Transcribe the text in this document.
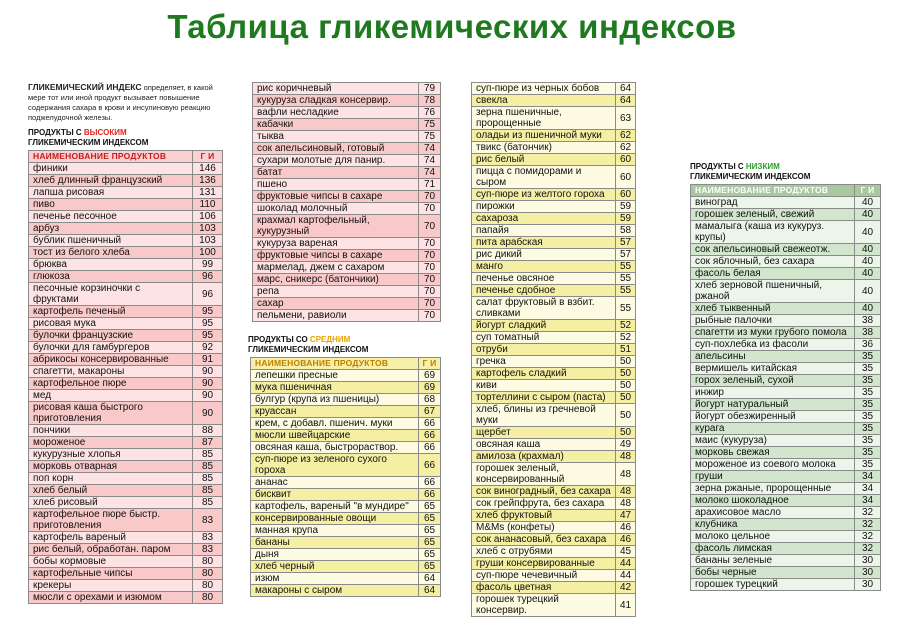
Таблица гликемических индексов
ГЛИКЕМИЧЕСКИЙ ИНДЕКС определяет, в какой мере тот или иной продукт вызывает повышение содержания сахара в крови и инсулиновую реакцию поджелудочной железы.
ПРОДУКТЫ С ВЫСОКИМ
ГЛИКЕМИЧЕСКИМ ИНДЕКСОМ
ПРОДУКТЫ СО СРЕДНИМ
ГЛИКЕМИЧЕСКИМ ИНДЕКСОМ
ПРОДУКТЫ С НИЗКИМ
ГЛИКЕМИЧЕСКИМ ИНДЕКСОМ
НАИМЕНОВАНИЕ ПРОДУКТОВ	Г И
финики	146
хлеб длинный французский	136
лапша рисовая	131
пиво	110
печенье песочное	106
арбуз	103
бублик пшеничный	103
тост из белого хлеба	100
брюква	99
глюкоза	96
песочные корзиночки с фруктами	96
картофель печеный	95
рисовая мука	95
булочки французские	95
булочки для гамбургеров	92
абрикосы консервированные	91
спагетти, макароны	90
картофельное пюре	90
мед	90
рисовая каша быстрого приготовления	90
пончики	88
мороженое	87
кукурузные хлопья	85
морковь отварная	85
поп корн	85
хлеб белый	85
хлеб рисовый	85
картофельное пюре быстр. приготовления	83
картофель вареный	83
рис белый, обработан. паром	83
бобы кормовые	80
картофельные чипсы	80
крекеры	80
мюсли с орехами и изюмом	80
рис коричневый	79
кукуруза сладкая консервир.	78
вафли несладкие	76
кабачки	75
тыква	75
сок апельсиновый, готовый	74
сухари молотые для панир.	74
батат	74
пшено	71
фруктовые чипсы в сахаре	70
шоколад молочный	70
крахмал картофельный, кукурузный	70
кукуруза вареная	70
фруктовые чипсы в сахаре	70
мармелад, джем с сахаром	70
марс, сникерс (батончики)	70
репа	70
сахар	70
пельмени, равиоли	70
НАИМЕНОВАНИЕ ПРОДУКТОВ	Г И
лепешки пресные	69
мука пшеничная	69
булгур (крупа из пшеницы)	68
круассан	67
крем, с добавл. пшенич. муки	66
мюсли швейцарские	66
овсяная каша, быстрораствор.	66
суп-пюре из зеленого сухого гороха	66
ананас	66
бисквит	66
картофель, вареный "в мундире"	65
консервированные овощи	65
манная крупа	65
бананы	65
дыня	65
хлеб черный	65
изюм	64
макароны с сыром	64
суп-пюре из черных бобов	64
свекла	64
зерна пшеничные, пророщенные	63
оладьи из пшеничной муки	62
твикс (батончик)	62
рис белый	60
пицца с помидорами и сыром	60
суп-пюре из желтого гороха	60
пирожки	59
сахароза	59
папайя	58
пита арабская	57
рис дикий	57
манго	55
печенье овсяное	55
печенье сдобное	55
салат фруктовый в взбит. сливками	55
йогурт сладкий	52
суп томатный	52
отруби	51
гречка	50
картофель сладкий	50
киви	50
тортеллини с сыром (паста)	50
хлеб, блины из гречневой муки	50
щербет	50
овсяная каша	49
амилоза (крахмал)	48
горошек зеленый, консервированный	48
сок виноградный, без сахара	48
сок грейпфрута, без сахара	48
хлеб фруктовый	47
M&Ms (конфеты)	46
сок ананасовый, без сахара	46
хлеб с отрубями	45
груши консервированные	44
суп-пюре чечевичный	44
фасоль цветная	42
горошек турецкий консервир.	41
НАИМЕНОВАНИЕ ПРОДУКТОВ	Г И
виноград	40
горошек зеленый, свежий	40
мамалыга (каша из кукуруз. крупы)	40
сок апельсиновый свежеотж.	40
сок яблочный, без сахара	40
фасоль белая	40
хлеб зерновой пшеничный, ржаной	40
хлеб тыквенный	40
рыбные палочки	38
спагетти из муки грубого помола	38
суп-похлебка из фасоли	36
апельсины	35
вермишель китайская	35
горох зеленый, сухой	35
инжир	35
йогурт натуральный	35
йогурт обезжиренный	35
курага	35
маис (кукуруза)	35
морковь свежая	35
мороженое из соевого молока	35
груши	34
зерна ржаные, пророщенные	34
молоко шоколадное	34
арахисовое масло	32
клубника	32
молоко цельное	32
фасоль лимская	32
бананы зеленые	30
бобы черные	30
горошек турецкий	30
